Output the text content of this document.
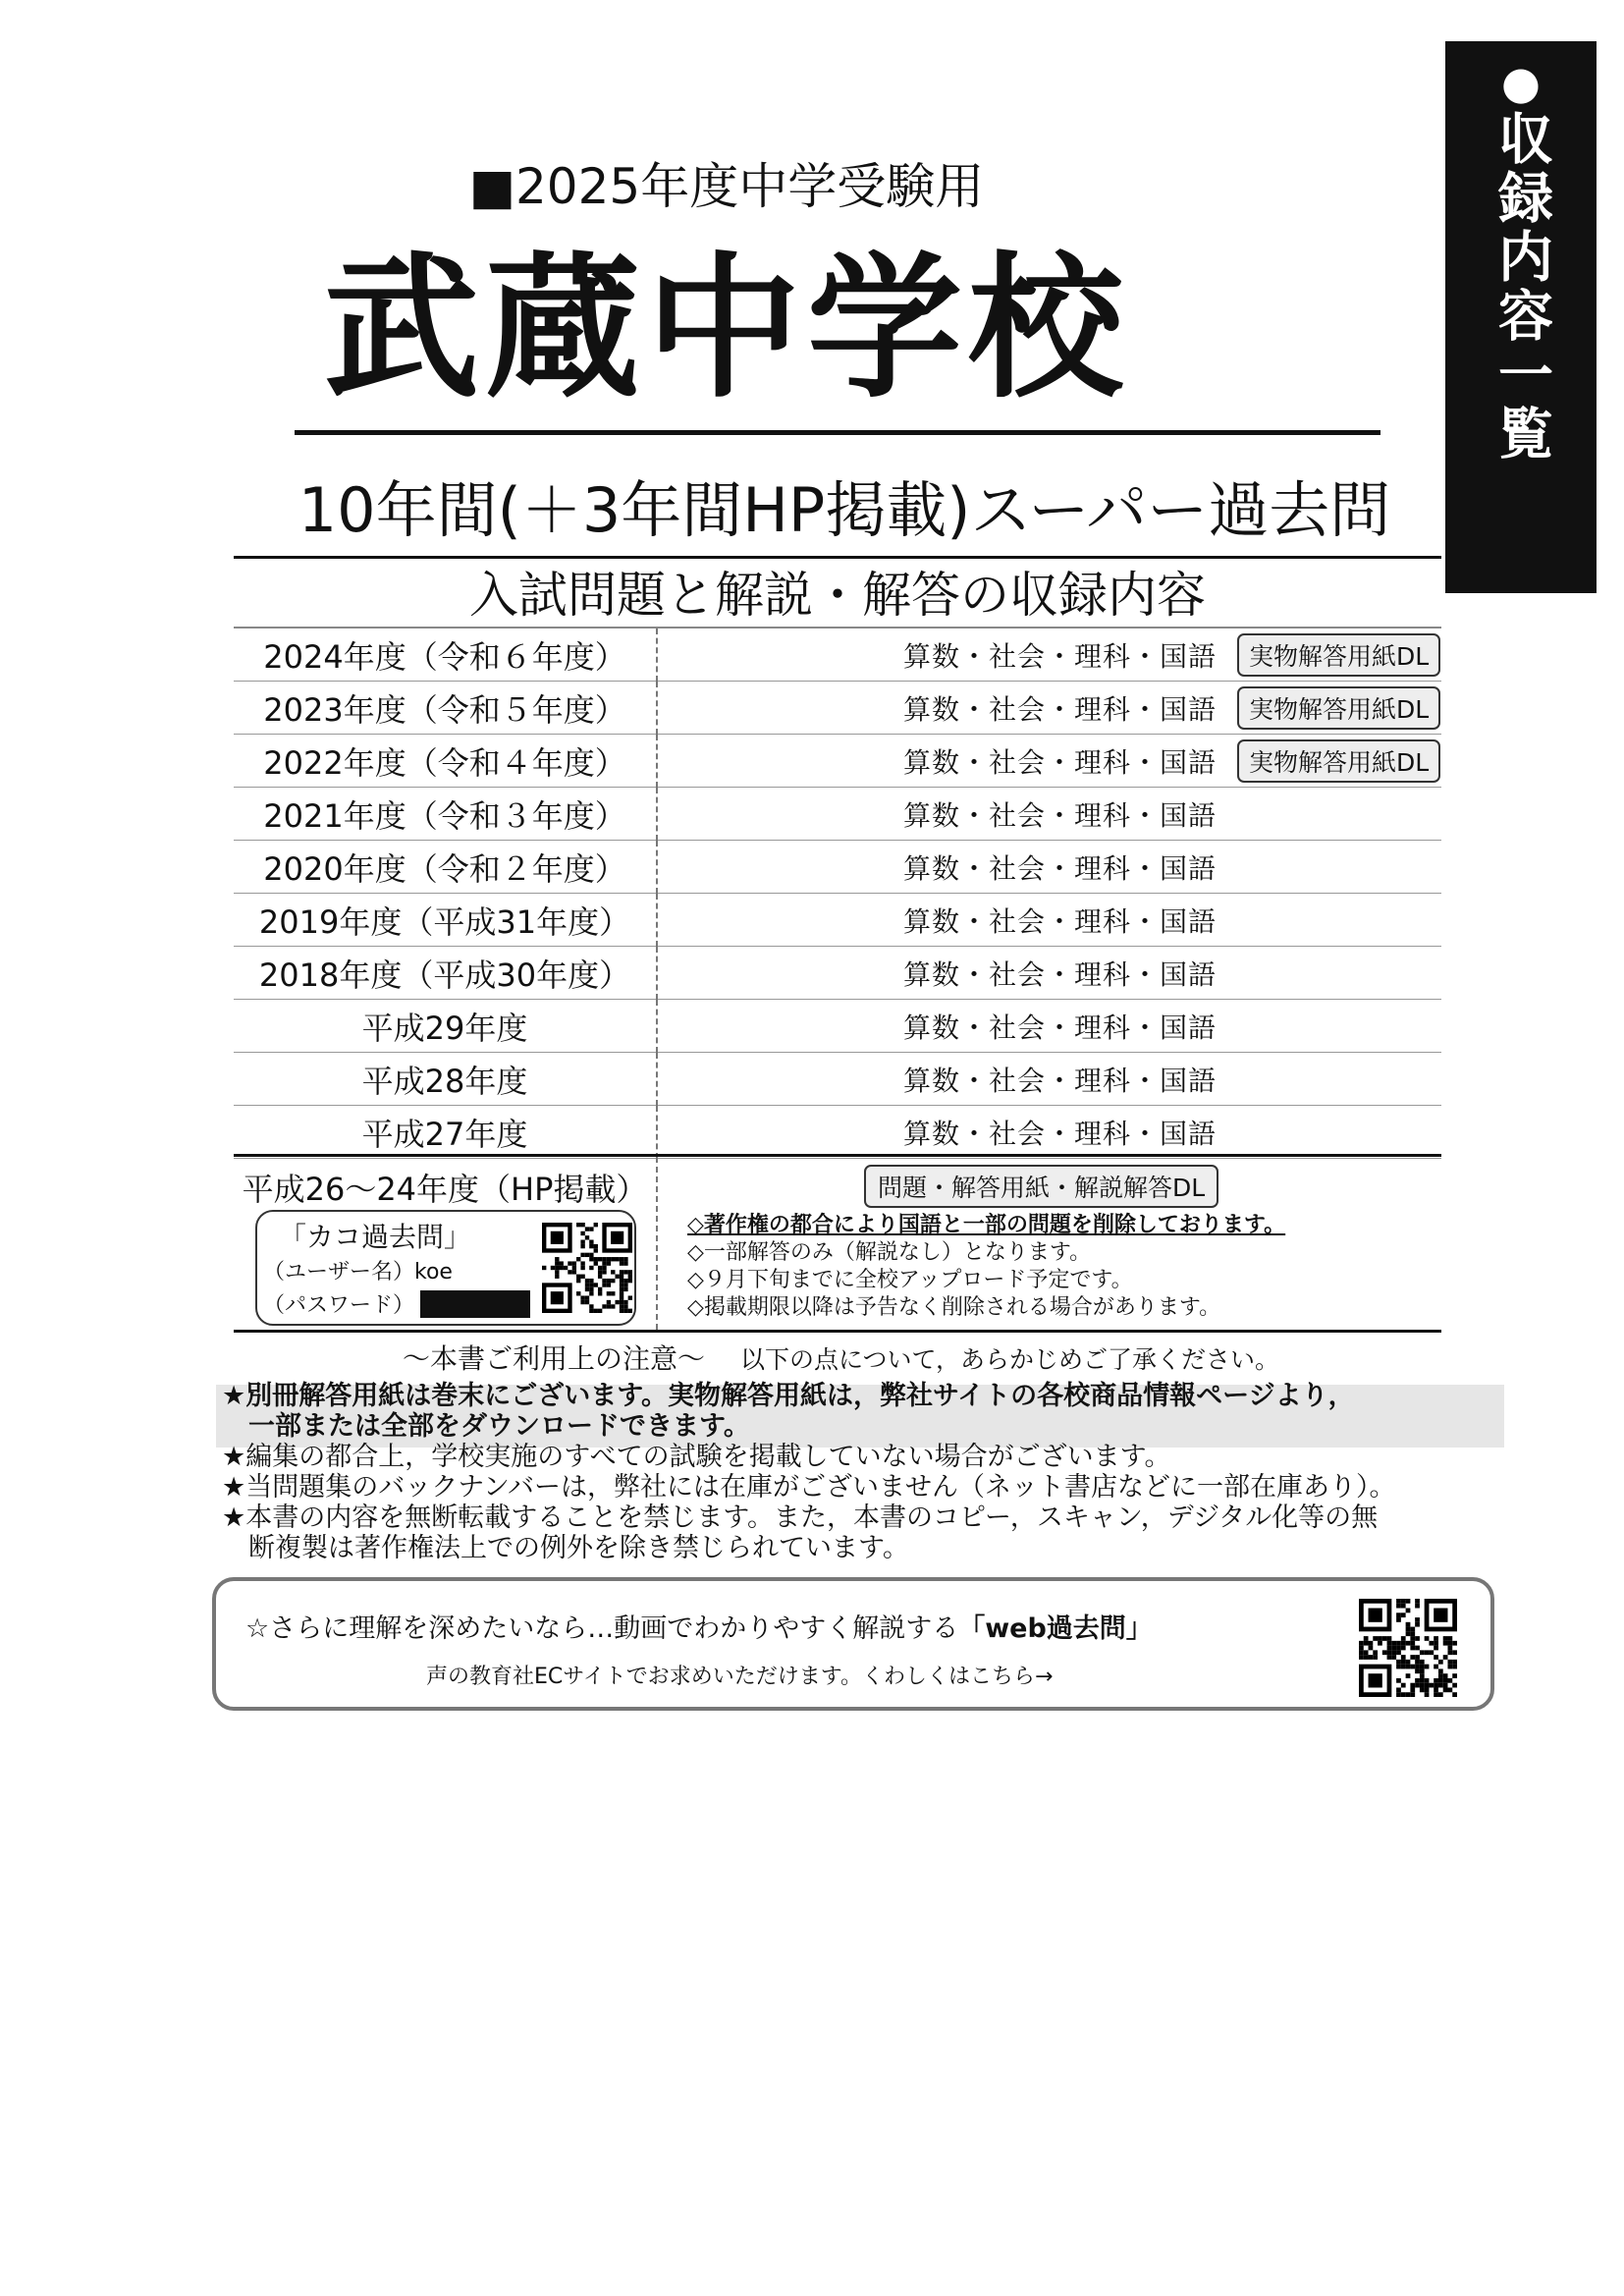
●
収録内容一覧
■2025年度中学受験用
武蔵中学校
10年間(＋3年間HP掲載)スーパー過去問
入試問題と解説・解答の収録内容
2024年度（令和６年度）	算数・社会・理科・国語 実物解答用紙DL

2023年度（令和５年度）	算数・社会・理科・国語 実物解答用紙DL

2022年度（令和４年度）	算数・社会・理科・国語 実物解答用紙DL

2021年度（令和３年度）	算数・社会・理科・国語

2020年度（令和２年度）	算数・社会・理科・国語

2019年度（平成31年度）	算数・社会・理科・国語

2018年度（平成30年度）	算数・社会・理科・国語

平成29年度	算数・社会・理科・国語

平成28年度	算数・社会・理科・国語

平成27年度	算数・社会・理科・国語
平成26～24年度（HP掲載）
「カコ過去問」
（ユーザー名）koe
（パスワード）
問題・解答用紙・解説解答DL
◇著作権の都合により国語と一部の問題を削除しております。
◇一部解答のみ（解説なし）となります。
◇９月下旬までに全校アップロード予定です。
◇掲載期限以降は予告なく削除される場合があります。
～本書ご利用上の注意～ 以下の点について，あらかじめご了承ください。
★別冊解答用紙は巻末にございます。実物解答用紙は，弊社サイトの各校商品情報ページより，
　一部または全部をダウンロードできます。
★編集の都合上，学校実施のすべての試験を掲載していない場合がございます。
★当問題集のバックナンバーは，弊社には在庫がございません（ネット書店などに一部在庫あり）。
★本書の内容を無断転載することを禁じます。また，本書のコピー，スキャン，デジタル化等の無
　断複製は著作権法上での例外を除き禁じられています。
☆さらに理解を深めたいなら…動画でわかりやすく解説する「web過去問」
声の教育社ECサイトでお求めいただけます。くわしくはこちら→
